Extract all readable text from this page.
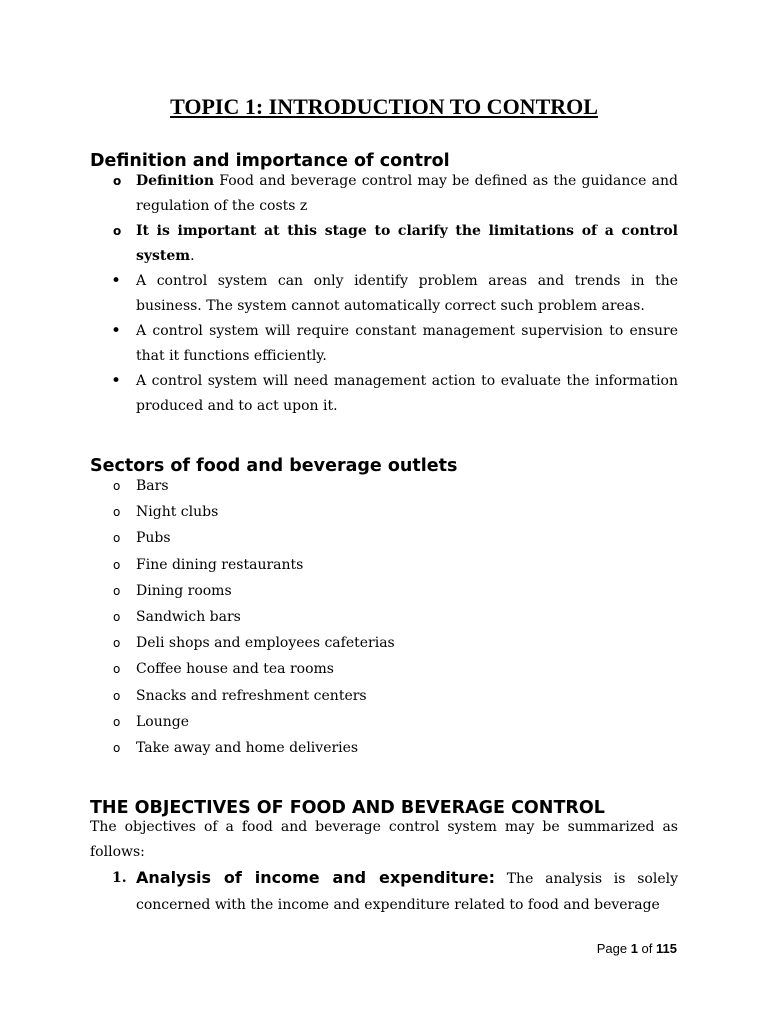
TOPIC 1: INTRODUCTION TO CONTROL
Definition and importance of control
o Definition Food and beverage control may be defined as the guidance and regulation of the costs z
o It is important at this stage to clarify the limitations of a control system.
• A control system can only identify problem areas and trends in the business. The system cannot automatically correct such problem areas.
• A control system will require constant management supervision to ensure that it functions efficiently.
• A control system will need management action to evaluate the information produced and to act upon it.
Sectors of food and beverage outlets
o	Bars
o	Night clubs
o	Pubs
o	Fine dining restaurants
o	Dining rooms
o	Sandwich bars
o	Deli shops and employees cafeterias
o	Coffee house and tea rooms
o	Snacks and refreshment centers
o	Lounge
o	Take away and home deliveries
THE OBJECTIVES OF FOOD AND BEVERAGE CONTROL

The objectives of a food and beverage control system may be summarized as follows:

1. Analysis of income and expenditure: The analysis is solely concerned with the income and expenditure related to food and beverage
Page 1 of 115
